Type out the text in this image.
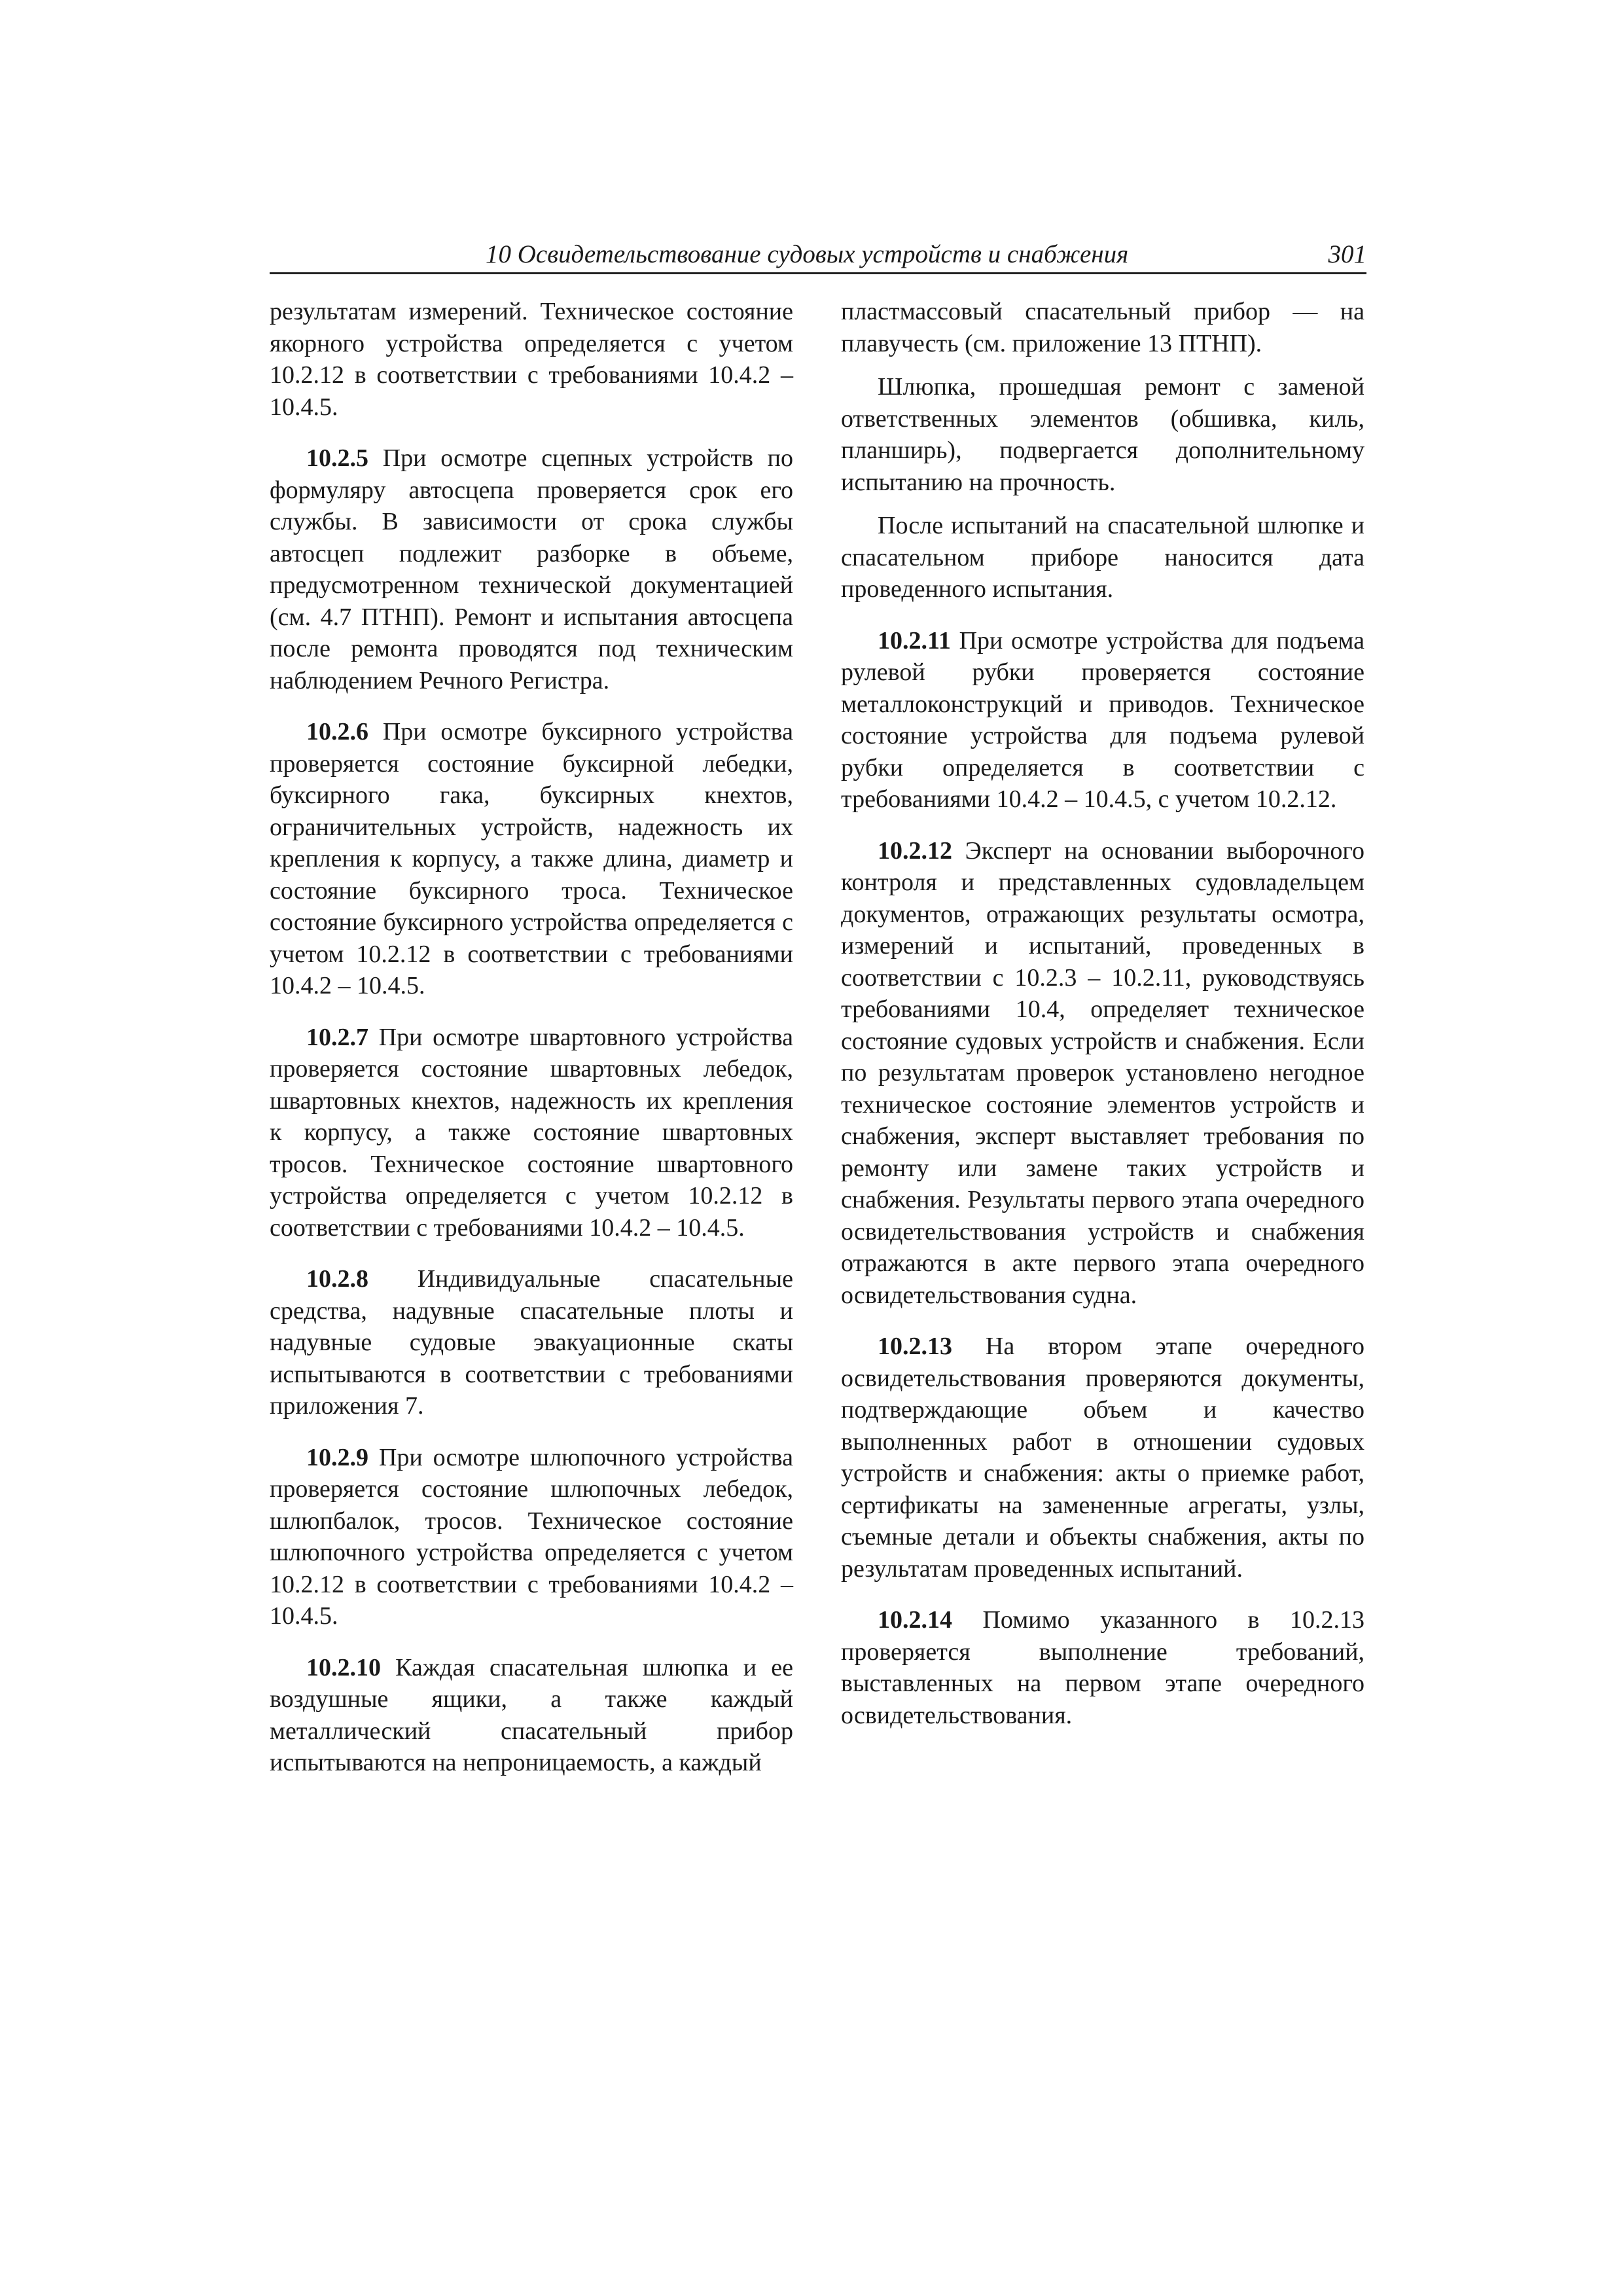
10 Освидетельствование судовых устройств и снабжения	301

результатам измерений. Техническое состояние якорного устройства определяется с учетом 10.2.12 в соответствии с требованиями 10.4.2 – 10.4.5.

10.2.5 При осмотре сцепных устройств по формуляру автосцепа проверяется срок его службы. В зависимости от срока службы автосцеп подлежит разборке в объеме, предусмотренном технической документацией (см. 4.7 ПТНП). Ремонт и испытания автосцепа после ремонта проводятся под техническим наблюдением Речного Регистра.

10.2.6 При осмотре буксирного устройства проверяется состояние буксирной лебедки, буксирного гака, буксирных кнехтов, ограничительных устройств, надежность их крепления к корпусу, а также длина, диаметр и состояние буксирного троса. Техническое состояние буксирного устройства определяется с учетом 10.2.12 в соответствии с требованиями 10.4.2 – 10.4.5.

10.2.7 При осмотре швартовного устройства проверяется состояние швартовных лебедок, швартовных кнехтов, надежность их крепления к корпусу, а также состояние швартовных тросов. Техническое состояние швартовного устройства определяется с учетом 10.2.12 в соответствии с требованиями 10.4.2 – 10.4.5.

10.2.8 Индивидуальные спасательные средства, надувные спасательные плоты и надувные судовые эвакуационные скаты испытываются в соответствии с требованиями приложения 7.

10.2.9 При осмотре шлюпочного устройства проверяется состояние шлюпочных лебедок, шлюпбалок, тросов. Техническое состояние шлюпочного устройства определяется с учетом 10.2.12 в соответствии с требованиями 10.4.2 – 10.4.5.

10.2.10 Каждая спасательная шлюпка и ее воздушные ящики, а также каждый металлический спасательный прибор испытываются на непроницаемость, а каждый

пластмассовый спасательный прибор — на плавучесть (см. приложение 13 ПТНП).

Шлюпка, прошедшая ремонт с заменой ответственных элементов (обшивка, киль, планширь), подвергается дополнительному испытанию на прочность.

После испытаний на спасательной шлюпке и спасательном приборе наносится дата проведенного испытания.

10.2.11 При осмотре устройства для подъема рулевой рубки проверяется состояние металлоконструкций и приводов. Техническое состояние устройства для подъема рулевой рубки определяется в соответствии с требованиями 10.4.2 – 10.4.5, с учетом 10.2.12.

10.2.12 Эксперт на основании выборочного контроля и представленных судовладельцем документов, отражающих результаты осмотра, измерений и испытаний, проведенных в соответствии с 10.2.3 – 10.2.11, руководствуясь требованиями 10.4, определяет техническое состояние судовых устройств и снабжения. Если по результатам проверок установлено негодное техническое состояние элементов устройств и снабжения, эксперт выставляет требования по ремонту или замене таких устройств и снабжения. Результаты первого этапа очередного освидетельствования устройств и снабжения отражаются в акте первого этапа очередного освидетельствования судна.

10.2.13 На втором этапе очередного освидетельствования проверяются документы, подтверждающие объем и качество выполненных работ в отношении судовых устройств и снабжения: акты о приемке работ, сертификаты на замененные агрегаты, узлы, съемные детали и объекты снабжения, акты по результатам проведенных испытаний.

10.2.14 Помимо указанного в 10.2.13 проверяется выполнение требований, выставленных на первом этапе очередного освидетельствования.
